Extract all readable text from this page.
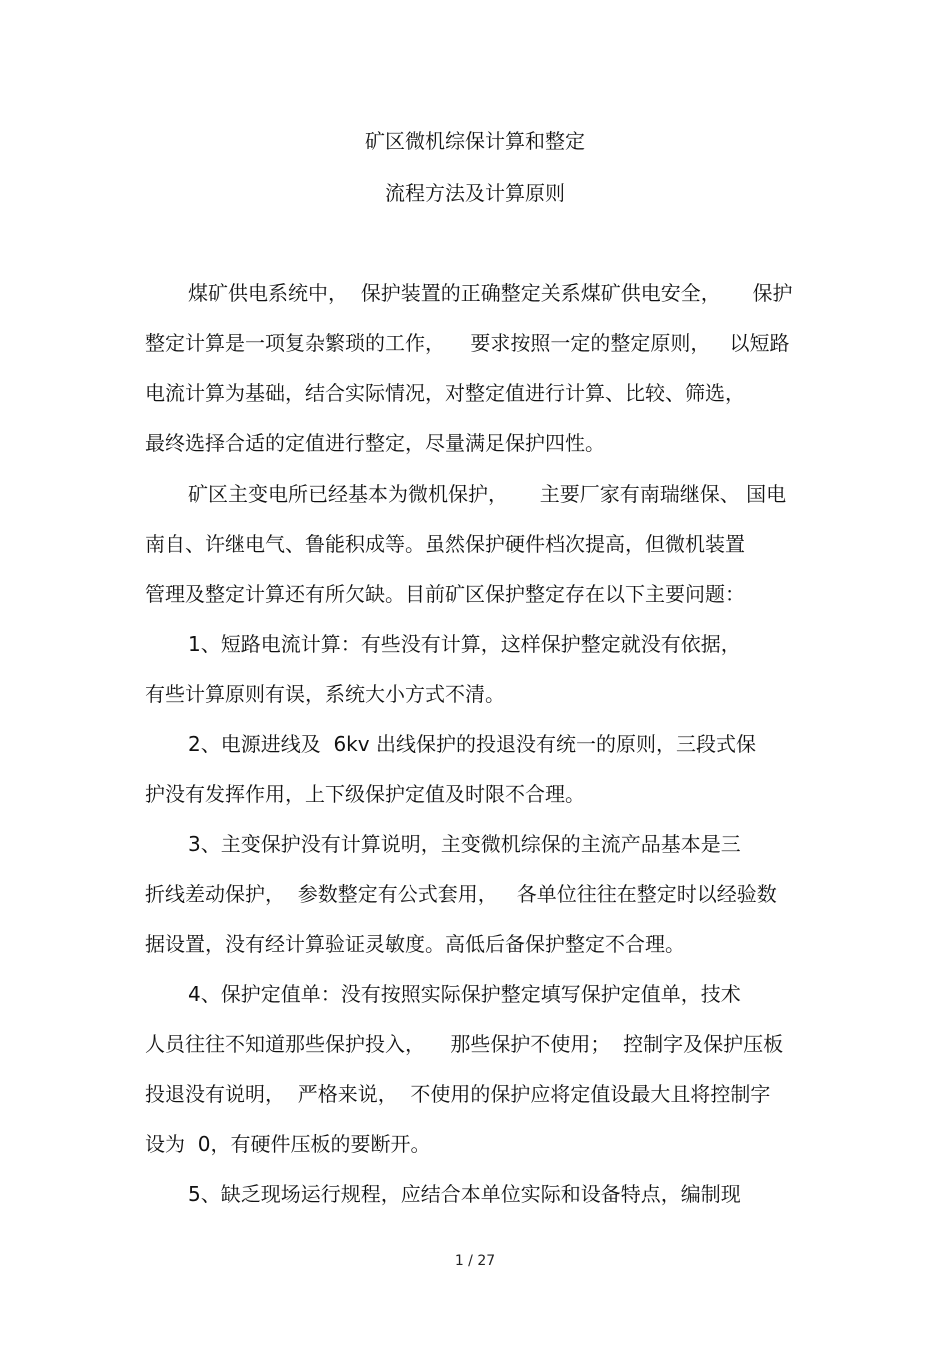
矿区微机综保计算和整定
流程方法及计算原则
煤矿供电系统中，  保护装置的正确整定关系煤矿供电安全，     保护
整定计算是一项复杂繁琐的工作，    要求按照一定的整定原则，   以短路
电流计算为基础，结合实际情况，对整定值进行计算、比较、筛选，
最终选择合适的定值进行整定，尽量满足保护四性。
矿区主变电所已经基本为微机保护，     主要厂家有南瑞继保、 国电
南自、许继电气、鲁能积成等。虽然保护硬件档次提高，但微机装置
管理及整定计算还有所欠缺。目前矿区保护整定存在以下主要问题：
1、短路电流计算：有些没有计算，这样保护整定就没有依据，
有些计算原则有误，系统大小方式不清。
2、电源进线及  6kv 出线保护的投退没有统一的原则，三段式保
护没有发挥作用，上下级保护定值及时限不合理。
3、主变保护没有计算说明，主变微机综保的主流产品基本是三
折线差动保护，  参数整定有公式套用，   各单位往往在整定时以经验数
据设置，没有经计算验证灵敏度。高低后备保护整定不合理。
4、保护定值单：没有按照实际保护整定填写保护定值单，技术
人员往往不知道那些保护投入，    那些保护不使用；  控制字及保护压板
投退没有说明，  严格来说，  不使用的保护应将定值设最大且将控制字
设为  0，有硬件压板的要断开。
5、缺乏现场运行规程，应结合本单位实际和设备特点，编制现
1 / 27
